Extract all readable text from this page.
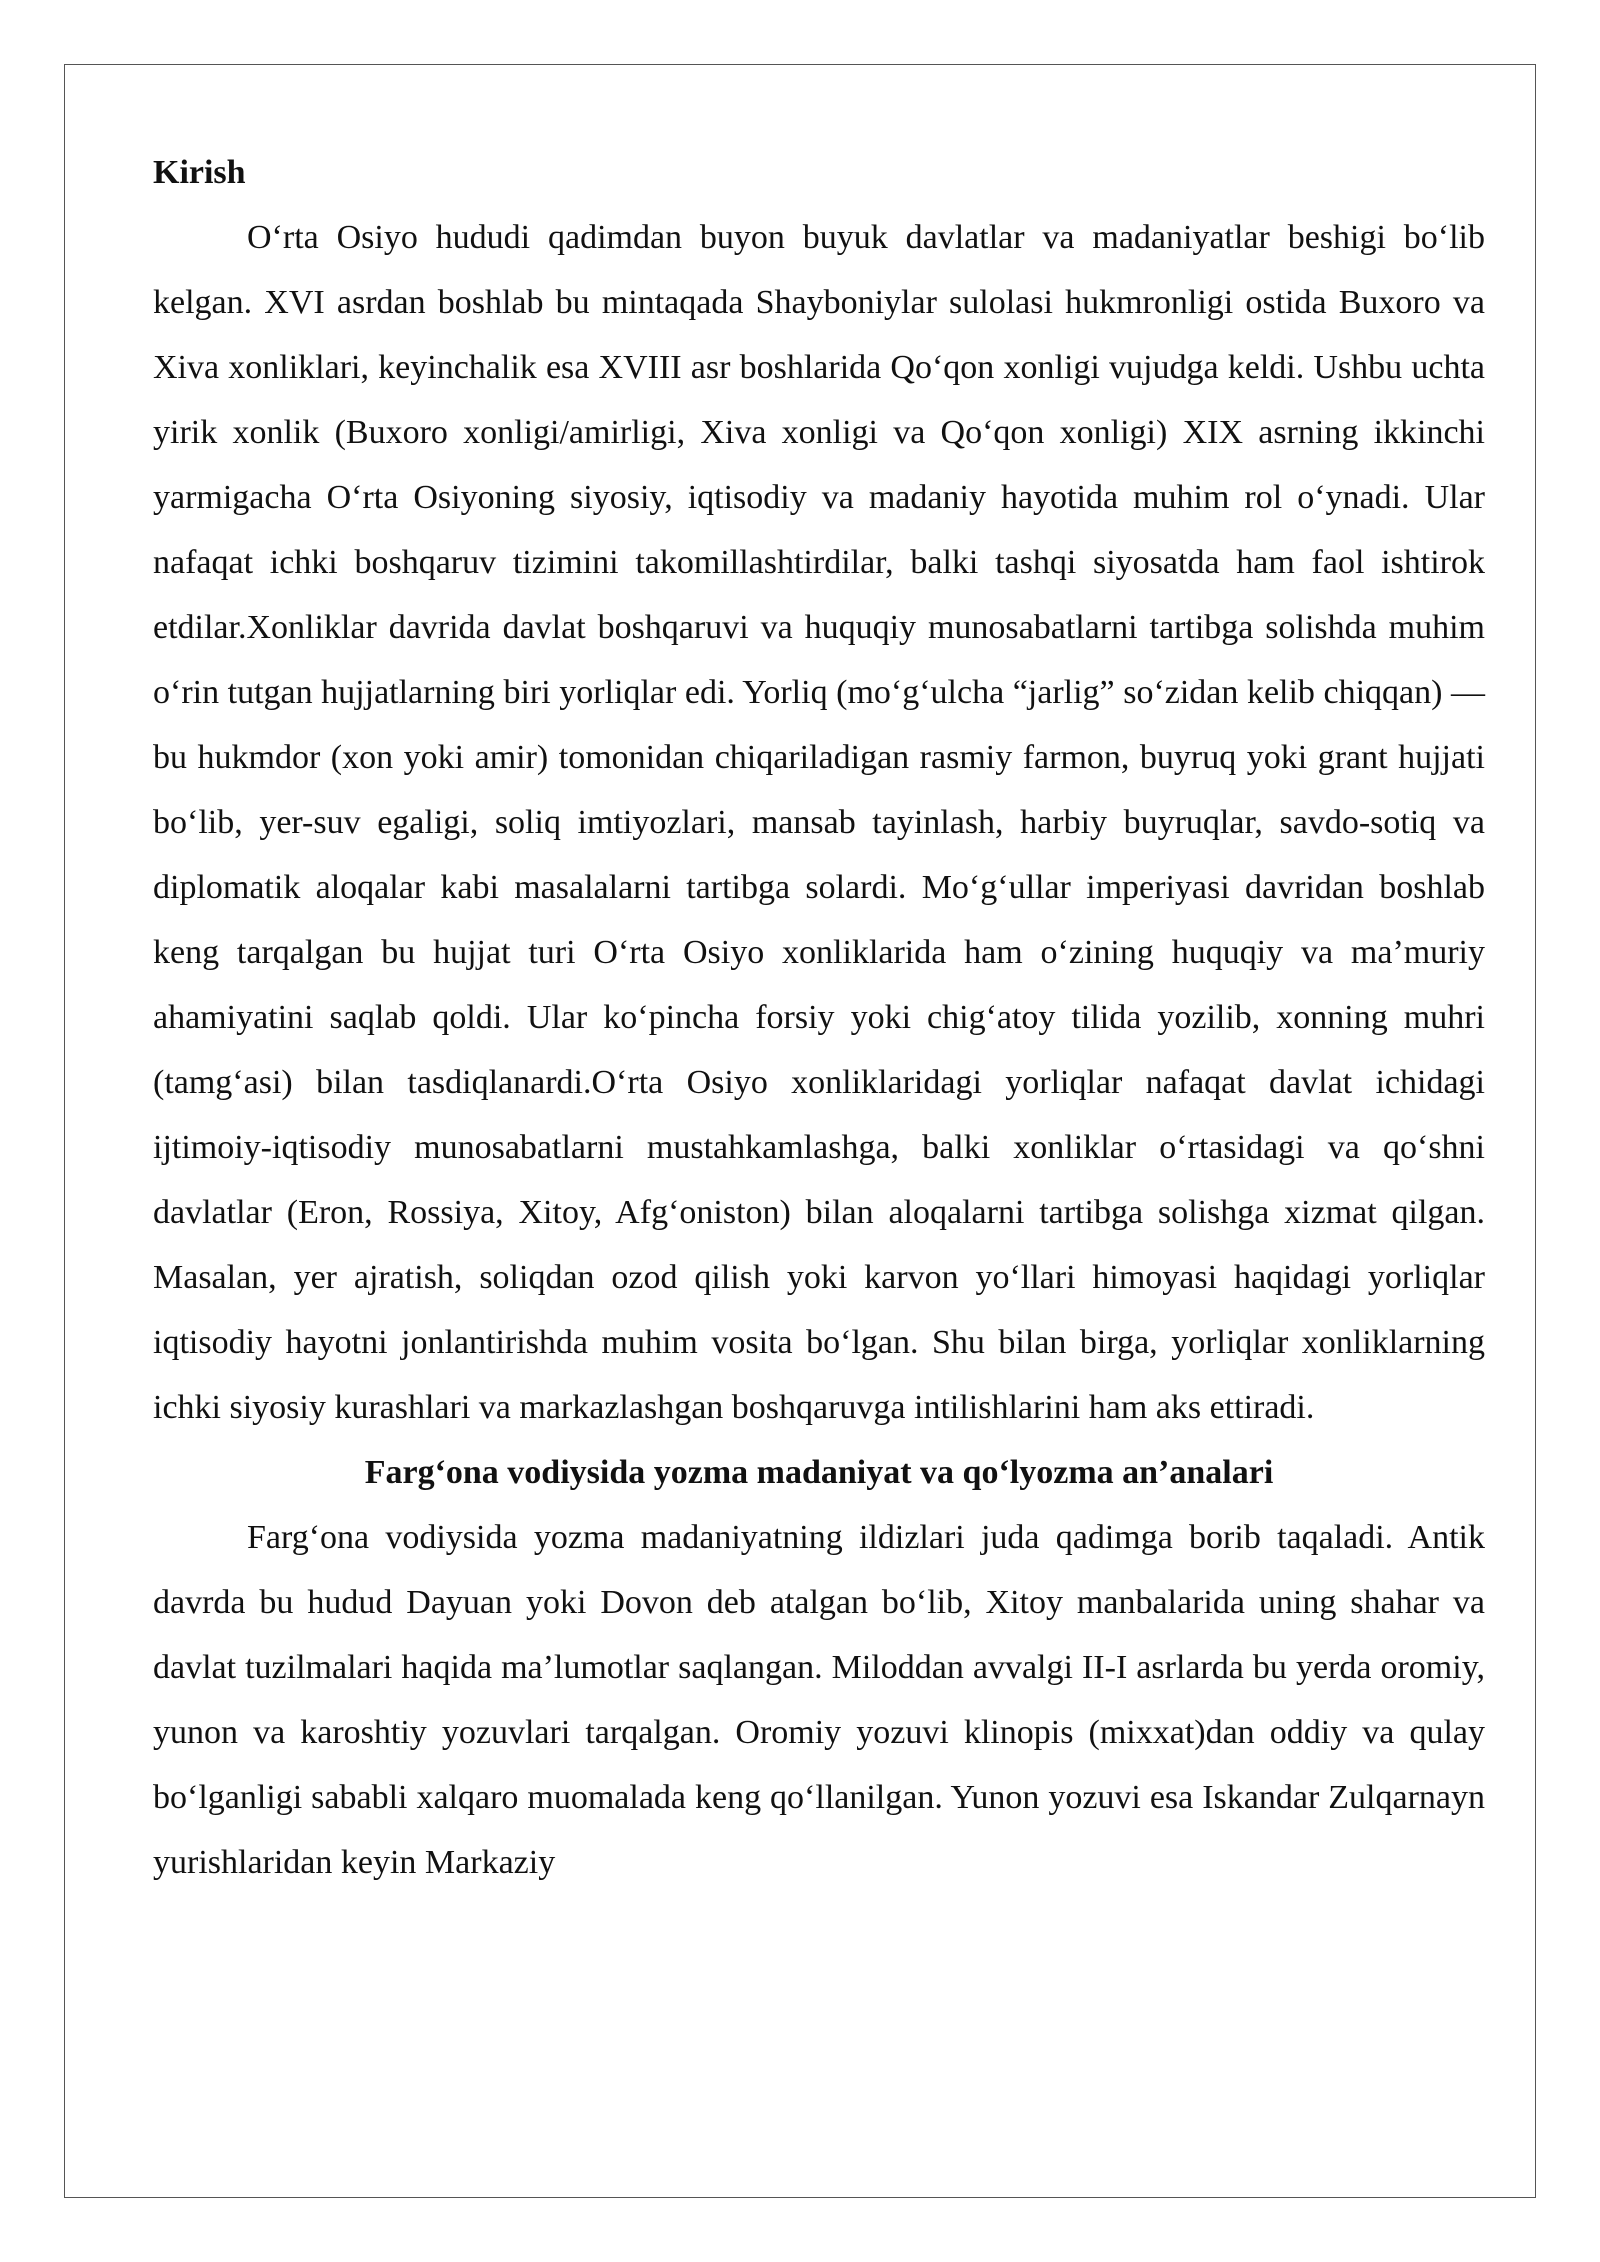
Kirish

O‘rta Osiyo hududi qadimdan buyon buyuk davlatlar va madaniyatlar beshigi bo‘lib kelgan. XVI asrdan boshlab bu mintaqada Shayboniylar sulolasi hukmronligi ostida Buxoro va Xiva xonliklari, keyinchalik esa XVIII asr boshlarida Qo‘qon xonligi vujudga keldi. Ushbu uchta yirik xonlik (Buxoro xonligi/amirligi, Xiva xonligi va Qo‘qon xonligi) XIX asrning ikkinchi yarmigacha O‘rta Osiyoning siyosiy, iqtisodiy va madaniy hayotida muhim rol o‘ynadi. Ular nafaqat ichki boshqaruv tizimini takomillashtirdilar, balki tashqi siyosatda ham faol ishtirok etdilar.Xonliklar davrida davlat boshqaruvi va huquqiy munosabatlarni tartibga solishda muhim o‘rin tutgan hujjatlarning biri yorliqlar edi. Yorliq (mo‘g‘ulcha “jarlig” so‘zidan kelib chiqqan) — bu hukmdor (xon yoki amir) tomonidan chiqariladigan rasmiy farmon, buyruq yoki grant hujjati bo‘lib, yer-suv egaligi, soliq imtiyozlari, mansab tayinlash, harbiy buyruqlar, savdo-sotiq va diplomatik aloqalar kabi masalalarni tartibga solardi. Mo‘g‘ullar imperiyasi davridan boshlab keng tarqalgan bu hujjat turi O‘rta Osiyo xonliklarida ham o‘zining huquqiy va ma’muriy ahamiyatini saqlab qoldi. Ular ko‘pincha forsiy yoki chig‘atoy tilida yozilib, xonning muhri (tamg‘asi) bilan tasdiqlanardi.O‘rta Osiyo xonliklaridagi yorliqlar nafaqat davlat ichidagi ijtimoiy-iqtisodiy munosabatlarni mustahkamlashga, balki xonliklar o‘rtasidagi va qo‘shni davlatlar (Eron, Rossiya, Xitoy, Afg‘oniston) bilan aloqalarni tartibga solishga xizmat qilgan. Masalan, yer ajratish, soliqdan ozod qilish yoki karvon yo‘llari himoyasi haqidagi yorliqlar iqtisodiy hayotni jonlantirishda muhim vosita bo‘lgan. Shu bilan birga, yorliqlar xonliklarning ichki siyosiy kurashlari va markazlashgan boshqaruvga intilishlarini ham aks ettiradi.

Farg‘ona vodiysida yozma madaniyat va qo‘lyozma an’analari

Farg‘ona vodiysida yozma madaniyatning ildizlari juda qadimga borib taqaladi. Antik davrda bu hudud Dayuan yoki Dovon deb atalgan bo‘lib, Xitoy manbalarida uning shahar va davlat tuzilmalari haqida ma’lumotlar saqlangan. Miloddan avvalgi II-I asrlarda bu yerda oromiy, yunon va karoshtiy yozuvlari tarqalgan. Oromiy yozuvi klinopis (mixxat)dan oddiy va qulay bo‘lganligi sababli xalqaro muomalada keng qo‘llanilgan. Yunon yozuvi esa Iskandar Zulqarnayn yurishlaridan keyin Markaziy
